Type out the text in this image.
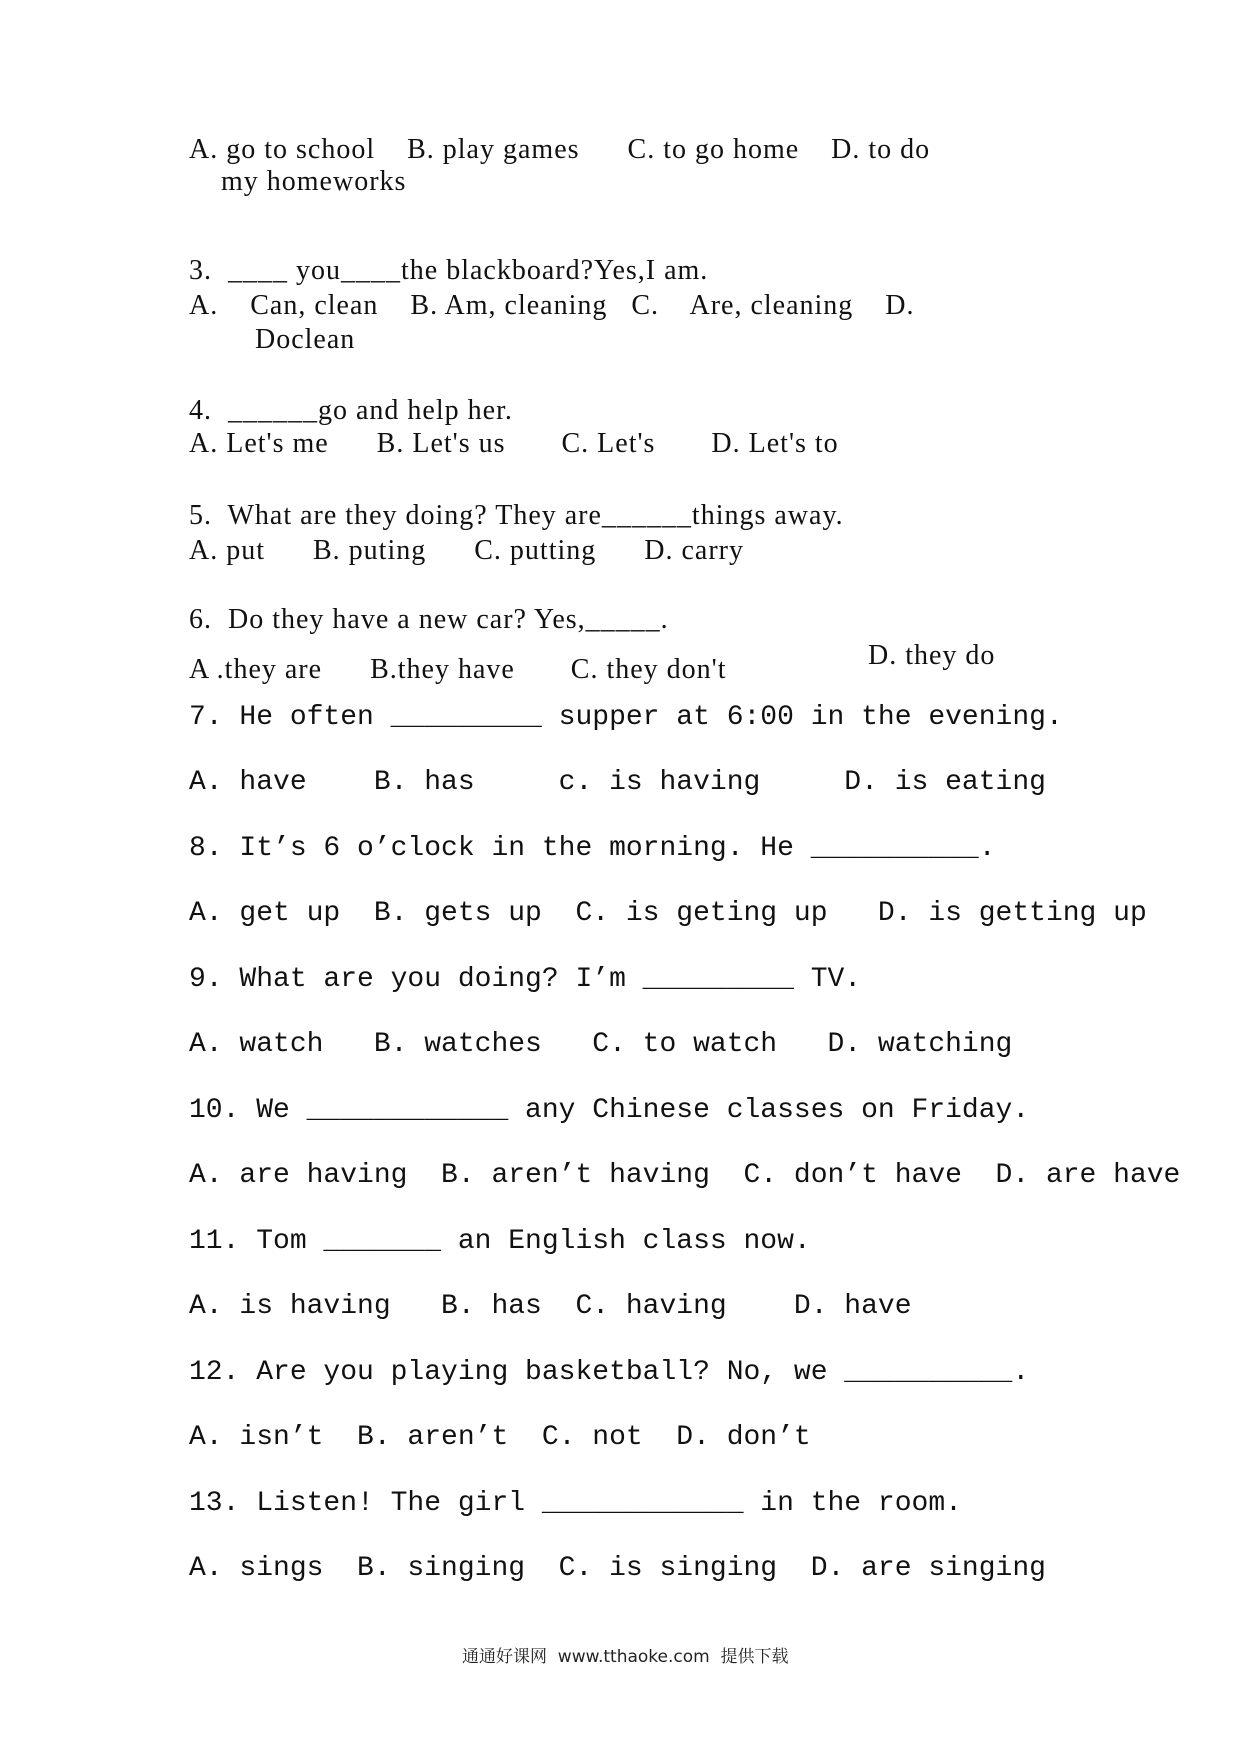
A. go to school    B. play games      C. to go home    D. to do
my homeworks
3.  ____ you____the blackboard?Yes,I am.
A.    Can, clean    B. Am, cleaning   C.    Are, cleaning    D.
Doclean
4.  ______go and help her.
A. Let's me      B. Let's us       C. Let's       D. Let's to
5.  What are they doing? They are______things away.
A. put      B. puting      C. putting      D. carry
6.  Do they have a new car? Yes,_____.
A .they are      B.they have       C. they don't	D. they do
7. He often _________ supper at 6:00 in the evening.
A. have    B. has     c. is having     D. is eating
8. It’s 6 o’clock in the morning. He __________.
A. get up  B. gets up  C. is geting up   D. is getting up
9. What are you doing? I’m _________ TV.
A. watch   B. watches   C. to watch   D. watching
10. We ____________ any Chinese classes on Friday.
A. are having  B. aren’t having  C. don’t have  D. are have
11. Tom _______ an English class now.
A. is having   B. has  C. having    D. have
12. Are you playing basketball? No, we __________.
A. isn’t  B. aren’t  C. not  D. don’t
13. Listen! The girl ____________ in the room.
A. sings  B. singing  C. is singing  D. are singing
通通好课网  www.tthaoke.com  提供下载
